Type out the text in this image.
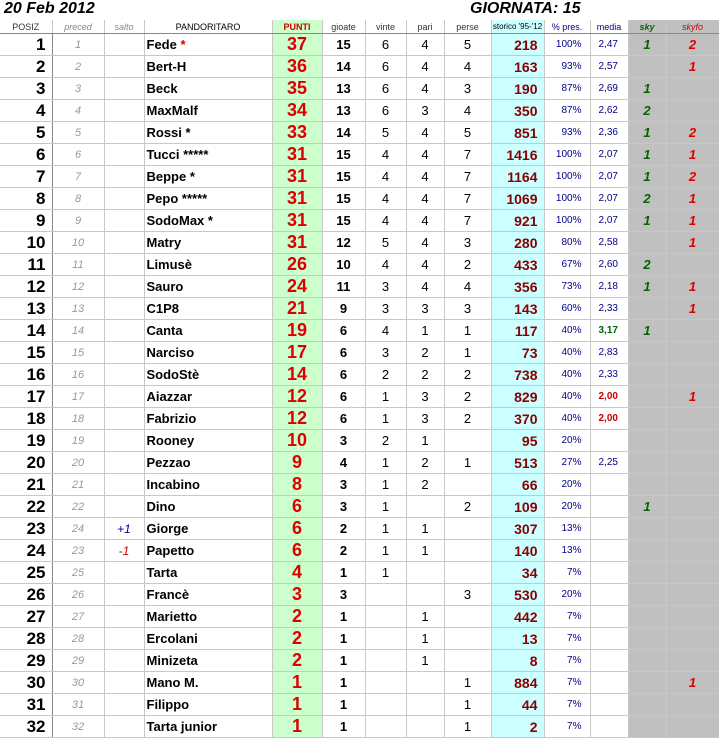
20 Feb 2012	GIORNATA: 15
POSIZ	preced	salto	PANDORITARO	PUNTI	gioate	vinte	pari	perse	storico '95-'12	% pres.	media	sky	skyfo
1	1		Fede *	37	15	6	4	5	218	100%	2,47	1	2
2	2		Bert-H	36	14	6	4	4	163	93%	2,57		1
3	3		Beck	35	13	6	4	3	190	87%	2,69	1	
4	4		MaxMalf	34	13	6	3	4	350	87%	2,62	2	
5	5		Rossi *	33	14	5	4	5	851	93%	2,36	1	2
6	6		Tucci *****	31	15	4	4	7	1416	100%	2,07	1	1
7	7		Beppe *	31	15	4	4	7	1164	100%	2,07	1	2
8	8		Pepo *****	31	15	4	4	7	1069	100%	2,07	2	1
9	9		SodoMax *	31	15	4	4	7	921	100%	2,07	1	1
10	10		Matry	31	12	5	4	3	280	80%	2,58		1
11	11		Limusè	26	10	4	4	2	433	67%	2,60	2	
12	12		Sauro	24	11	3	4	4	356	73%	2,18	1	1
13	13		C1P8	21	9	3	3	3	143	60%	2,33		1
14	14		Canta	19	6	4	1	1	117	40%	3,17	1	
15	15		Narciso	17	6	3	2	1	73	40%	2,83		
16	16		SodoStè	14	6	2	2	2	738	40%	2,33		
17	17		Aiazzar	12	6	1	3	2	829	40%	2,00		1
18	18		Fabrizio	12	6	1	3	2	370	40%	2,00		
19	19		Rooney	10	3	2	1		95	20%			
20	20		Pezzao	9	4	1	2	1	513	27%	2,25		
21	21		Incabino	8	3	1	2		66	20%			
22	22		Dino	6	3	1		2	109	20%		1	
23	24	+1	Giorge	6	2	1	1		307	13%			
24	23	-1	Papetto	6	2	1	1		140	13%			
25	25		Tarta	4	1	1			34	7%			
26	26		Francè	3	3			3	530	20%			
27	27		Marietto	2	1		1		442	7%			
28	28		Ercolani	2	1		1		13	7%			
29	29		Minizeta	2	1		1		8	7%			
30	30		Mano M.	1	1			1	884	7%			1
31	31		Filippo	1	1			1	44	7%			
32	32		Tarta junior	1	1			1	2	7%			
